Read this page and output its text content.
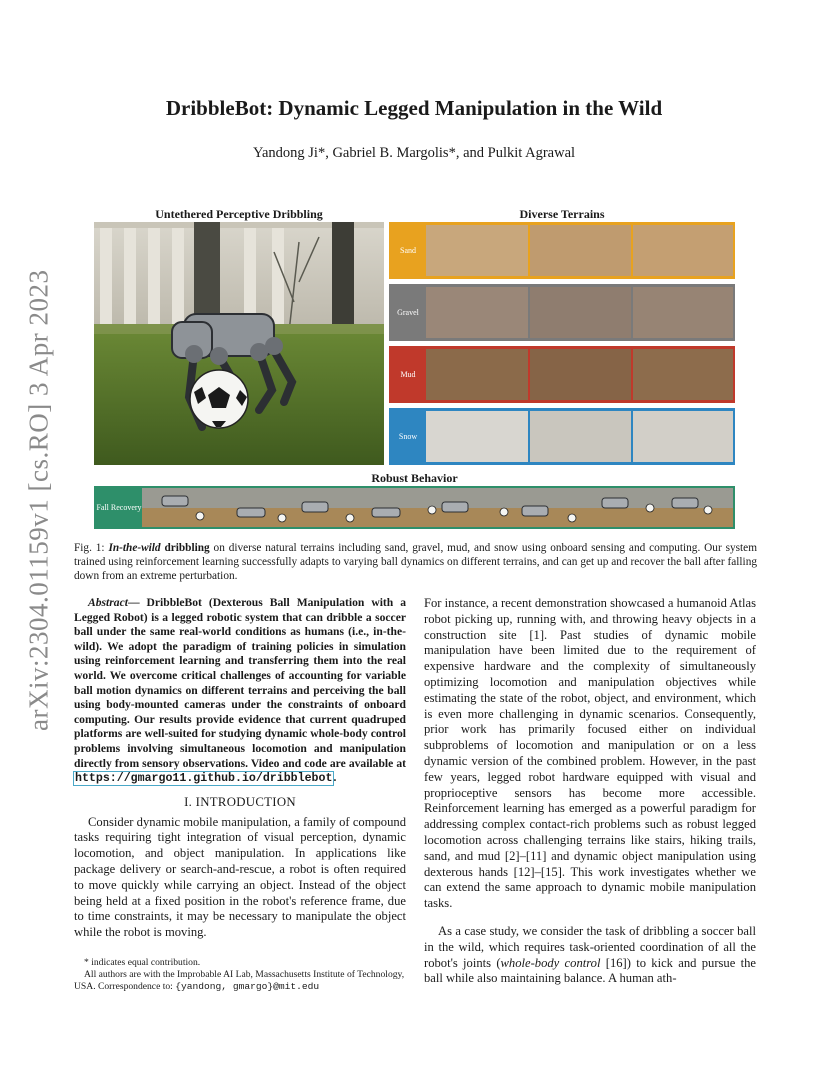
arXiv:2304.01159v1 [cs.RO] 3 Apr 2023
DribbleBot: Dynamic Legged Manipulation in the Wild
Yandong Ji*, Gabriel B. Margolis*, and Pulkit Agrawal
Untethered Perceptive Dribbling	Diverse Terrains
Sand
Gravel
Mud
Snow
Robust Behavior
Fall Recovery
Fig. 1: In-the-wild dribbling on diverse natural terrains including sand, gravel, mud, and snow using onboard sensing and computing. Our system trained using reinforcement learning successfully adapts to varying ball dynamics on different terrains, and can get up and recover the ball after falling down from an extreme perturbation.

Abstract— DribbleBot (Dexterous Ball Manipulation with a Legged Robot) is a legged robotic system that can dribble a soccer ball under the same real-world conditions as humans (i.e., in-the-wild). We adopt the paradigm of training policies in simulation using reinforcement learning and transferring them into the real world. We overcome critical challenges of accounting for variable ball motion dynamics on different terrains and perceiving the ball using body-mounted cameras under the constraints of onboard computing. Our results provide evidence that current quadruped platforms are well-suited for studying dynamic whole-body control problems involving simultaneous locomotion and manipulation directly from sensory observations. Video and code are available at https://gmargo11.github.io/dribblebot.

I. INTRODUCTION

Consider dynamic mobile manipulation, a family of compound tasks requiring tight integration of visual perception, dynamic locomotion, and object manipulation. In applications like package delivery or search-and-rescue, a robot is often required to move quickly while carrying an object. Instead of the object being held at a fixed position in the robot's reference frame, due to time constraints, it may be necessary to manipulate the object while the robot is moving.

* indicates equal contribution.

All authors are with the Improbable AI Lab, Massachusetts Institute of Technology, USA. Correspondence to: {yandong, gmargo}@mit.edu

For instance, a recent demonstration showcased a humanoid Atlas robot picking up, running with, and throwing heavy objects in a construction site [1]. Past studies of dynamic mobile manipulation have been limited due to the requirement of expensive hardware and the complexity of simultaneously optimizing locomotion and manipulation objectives while estimating the state of the robot, object, and environment, which is even more challenging in dynamic scenarios. Consequently, prior work has primarily focused either on individual subproblems of locomotion and manipulation or on a less dynamic version of the combined problem. However, in the past few years, legged robot hardware equipped with visual and proprioceptive sensors has become more accessible. Reinforcement learning has emerged as a powerful paradigm for addressing complex contact-rich problems such as robust legged locomotion across challenging terrains like stairs, hiking trails, sand, and mud [2]–[11] and dynamic object manipulation using dexterous hands [12]–[15]. This work investigates whether we can extend the same approach to dynamic mobile manipulation tasks.

As a case study, we consider the task of dribbling a soccer ball in the wild, which requires task-oriented coordination of all the robot's joints (whole-body control [16]) to kick and pursue the ball while also maintaining balance. A human ath-
